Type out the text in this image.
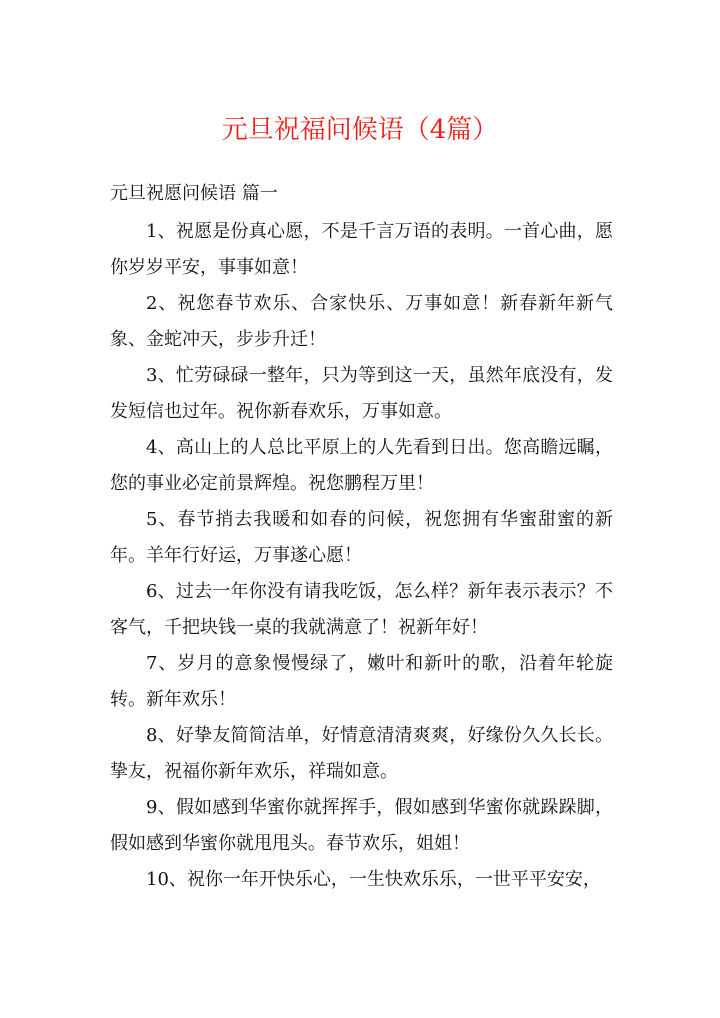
元旦祝福问候语（4篇）
元旦祝愿问候语 篇一

1、祝愿是份真心愿，不是千言万语的表明。一首心曲，愿你岁岁平安，事事如意！

2、祝您春节欢乐、合家快乐、万事如意！新春新年新气象、金蛇冲天，步步升迁！

3、忙劳碌碌一整年，只为等到这一天，虽然年底没有，发发短信也过年。祝你新春欢乐，万事如意。

4、高山上的人总比平原上的人先看到日出。您高瞻远瞩，您的事业必定前景辉煌。祝您鹏程万里！

5、春节捎去我暖和如春的问候，祝您拥有华蜜甜蜜的新年。羊年行好运，万事遂心愿！

6、过去一年你没有请我吃饭，怎么样？新年表示表示？不客气，千把块钱一桌的我就满意了！祝新年好！

7、岁月的意象慢慢绿了，嫩叶和新叶的歌，沿着年轮旋转。新年欢乐！

8、好挚友简简洁单，好情意清清爽爽，好缘份久久长长。挚友，祝福你新年欢乐，祥瑞如意。

9、假如感到华蜜你就挥挥手，假如感到华蜜你就跺跺脚，假如感到华蜜你就甩甩头。春节欢乐，姐姐！

10、祝你一年开快乐心，一生快欢乐乐，一世平平安安，
